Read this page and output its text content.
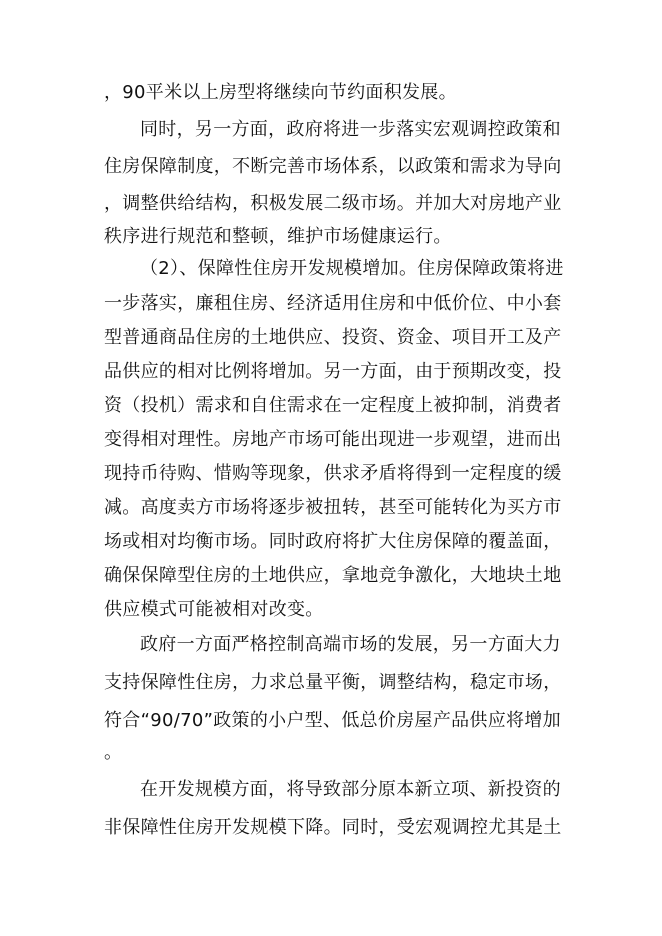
，90平米以上房型将继续向节约面积发展。
同时，另一方面，政府将进一步落实宏观调控政策和
住房保障制度，不断完善市场体系，以政策和需求为导向
，调整供给结构，积极发展二级市场。并加大对房地产业
秩序进行规范和整顿，维护市场健康运行。
（2）、保障性住房开发规模增加。住房保障政策将进
一步落实，廉租住房、经济适用住房和中低价位、中小套
型普通商品住房的土地供应、投资、资金、项目开工及产
品供应的相对比例将增加。另一方面，由于预期改变，投
资（投机）需求和自住需求在一定程度上被抑制，消费者
变得相对理性。房地产市场可能出现进一步观望，进而出
现持币待购、惜购等现象，供求矛盾将得到一定程度的缓
减。高度卖方市场将逐步被扭转，甚至可能转化为买方市
场或相对均衡市场。同时政府将扩大住房保障的覆盖面，
确保保障型住房的土地供应，拿地竞争激化，大地块土地
供应模式可能被相对改变。
政府一方面严格控制高端市场的发展，另一方面大力
支持保障性住房，力求总量平衡，调整结构，稳定市场，
符合“90/70”政策的小户型、低总价房屋产品供应将增加
。
在开发规模方面，将导致部分原本新立项、新投资的
非保障性住房开发规模下降。同时，受宏观调控尤其是土
